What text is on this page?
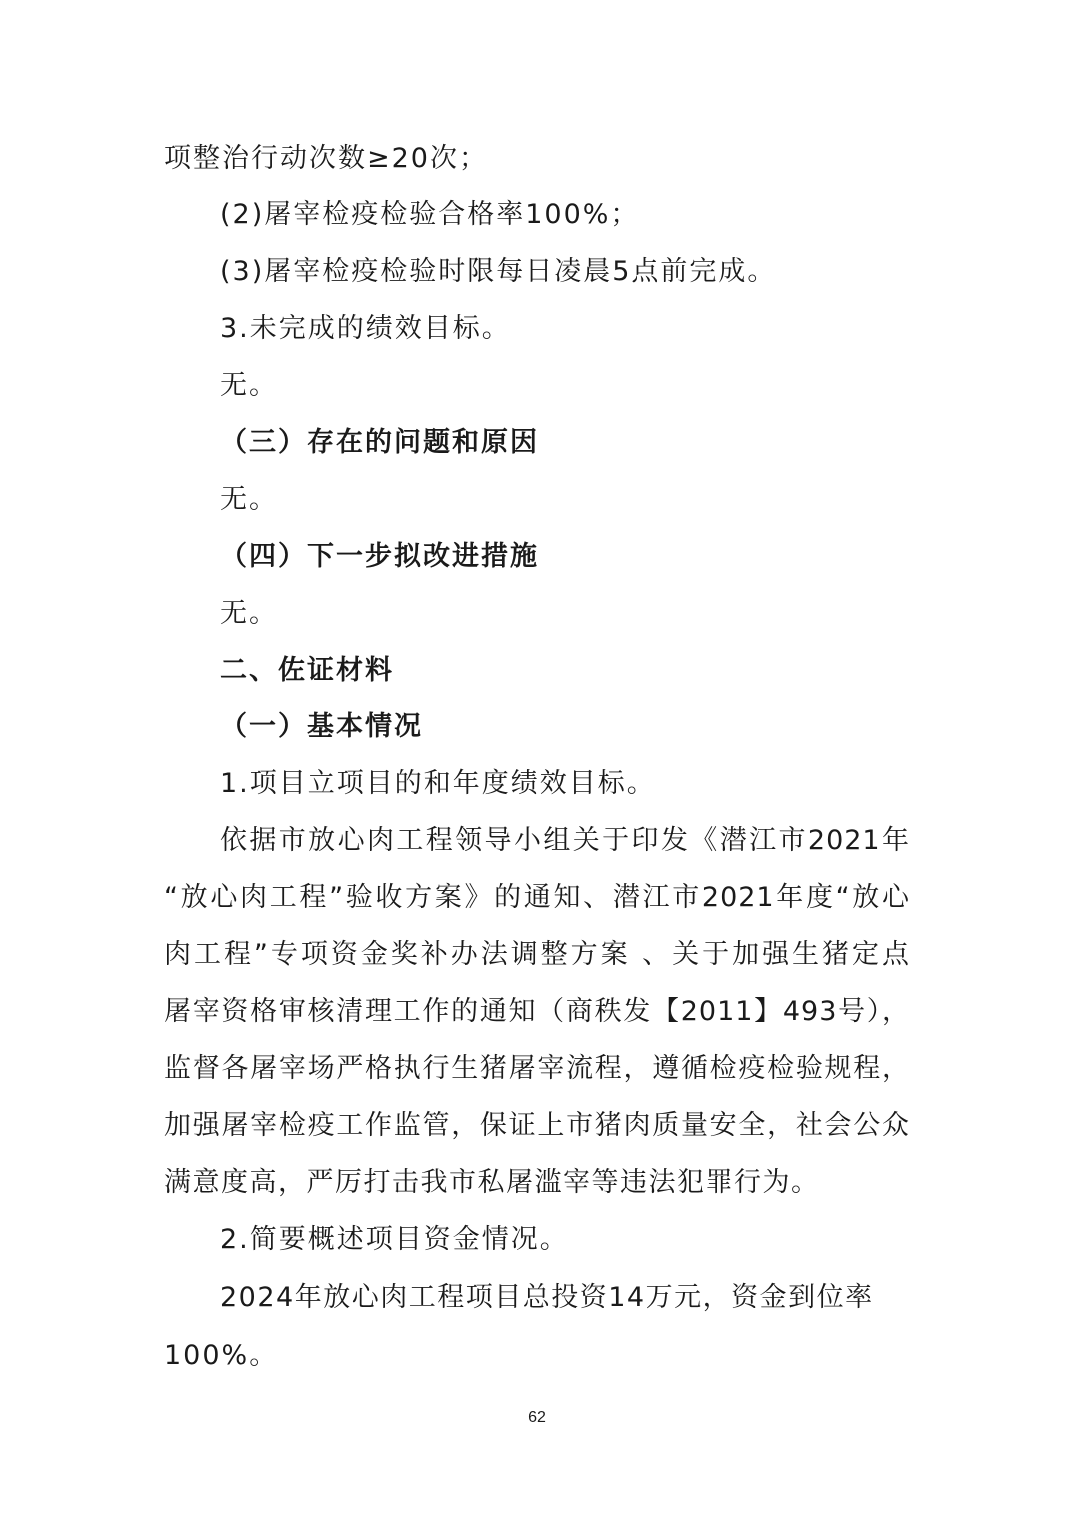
项整治行动次数≥20次；
(2)屠宰检疫检验合格率100%；
(3)屠宰检疫检验时限每日凌晨5点前完成。
3.未完成的绩效目标。
无。
（三）存在的问题和原因
无。
（四）下一步拟改进措施
无。
二、佐证材料
（一）基本情况
1.项目立项目的和年度绩效目标。
依据市放心肉工程领导小组关于印发《潜江市2021年
“放心肉工程”验收方案》的通知、潜江市2021年度“放心
肉工程”专项资金奖补办法调整方案 、关于加强生猪定点
屠宰资格审核清理工作的通知（商秩发【2011】493号），
监督各屠宰场严格执行生猪屠宰流程，遵循检疫检验规程，
加强屠宰检疫工作监管，保证上市猪肉质量安全，社会公众
满意度高，严厉打击我市私屠滥宰等违法犯罪行为。
2.简要概述项目资金情况。
2024年放心肉工程项目总投资14万元，资金到位率
100%。
62
